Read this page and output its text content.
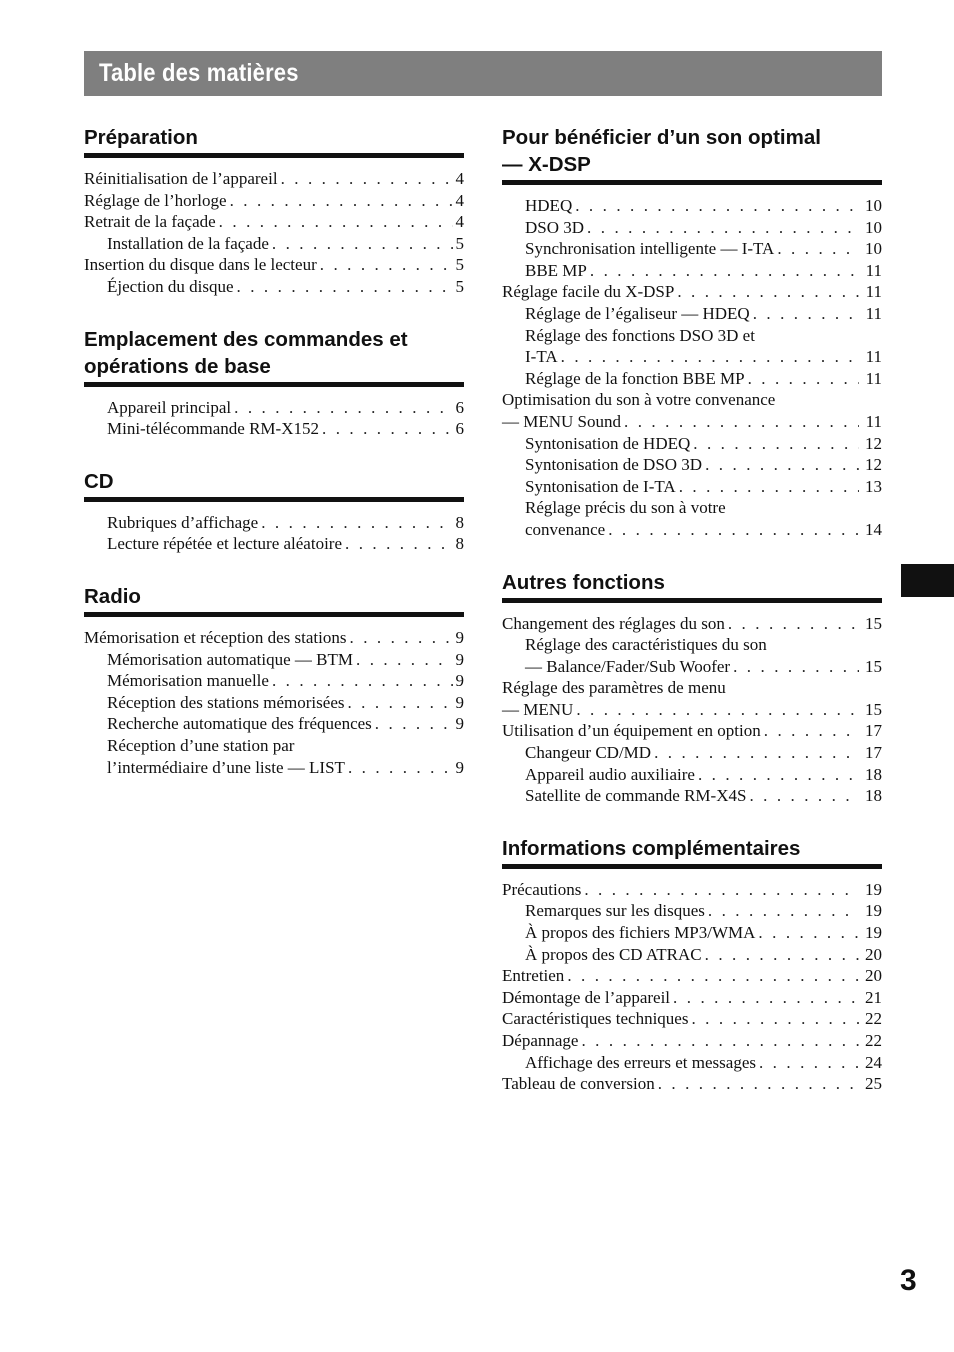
Table des matières
Préparation
Réinitialisation de l’appareil . . .	4
Réglage de l’horloge . . .	4
Retrait de la façade . . .	4
Installation de la façade . . .	5
Insertion du disque dans le lecteur . . .	5
Éjection du disque . . .	5
Emplacement des commandes et
opérations de base
Appareil principal . . .	6
Mini-télécommande RM-X152 . . .	6
CD
Rubriques d’affichage . . .	8
Lecture répétée et lecture aléatoire . . .	8
Radio
Mémorisation et réception des stations . . .	9
Mémorisation automatique — BTM . . .	9
Mémorisation manuelle . . .	9
Réception des stations mémorisées . . .	9
Recherche automatique des fréquences . . .	9
Réception d’une station par
l’intermédiaire d’une liste — LIST . . .	9
Pour bénéficier d’un son optimal
— X-DSP
HDEQ . . .	10
DSO 3D . . .	10
Synchronisation intelligente — I-TA . . .	10
BBE MP . . .	11
Réglage facile du X-DSP . . .	11
Réglage de l’égaliseur — HDEQ . . .	11
Réglage des fonctions DSO 3D et
I-TA . . .	11
Réglage de la fonction BBE MP . . .	11
Optimisation du son à votre convenance
— MENU Sound . . .	11
Syntonisation de HDEQ . . .	12
Syntonisation de DSO 3D . . .	12
Syntonisation de I-TA . . .	13
Réglage précis du son à votre
convenance . . .	14
Autres fonctions
Changement des réglages du son . . .	15
Réglage des caractéristiques du son
— Balance/Fader/Sub Woofer . . .	15
Réglage des paramètres de menu
— MENU . . .	15
Utilisation d’un équipement en option . . .	17
Changeur CD/MD . . .	17
Appareil audio auxiliaire . . .	18
Satellite de commande RM-X4S . . .	18
Informations complémentaires
Précautions . . .	19
Remarques sur les disques . . .	19
À propos des fichiers MP3/WMA . . .	19
À propos des CD ATRAC . . .	20
Entretien . . .	20
Démontage de l’appareil . . .	21
Caractéristiques techniques . . .	22
Dépannage . . .	22
Affichage des erreurs et messages . . .	24
Tableau de conversion . . .	25
3
